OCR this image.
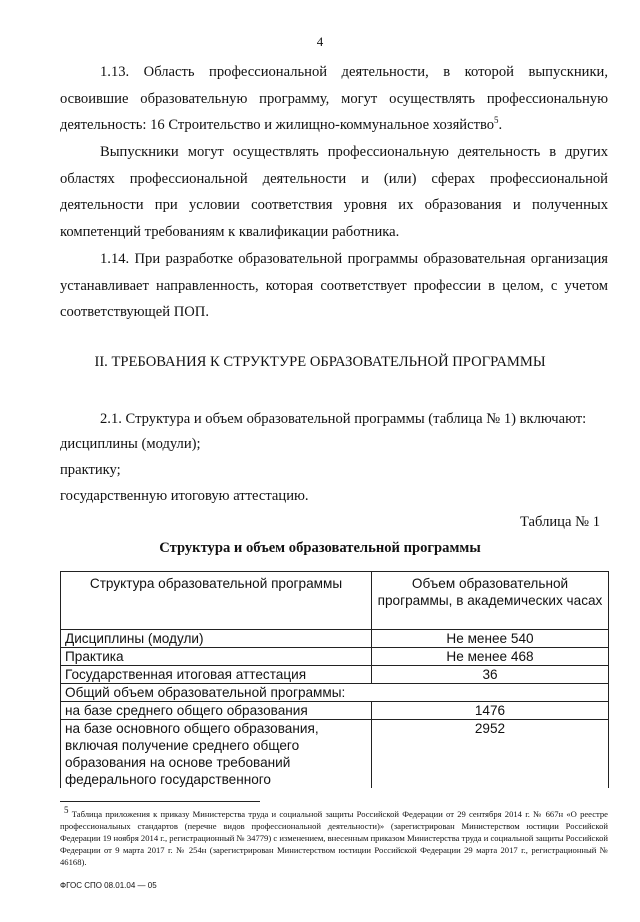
4

1.13. Область профессиональной деятельности, в которой выпускники, освоившие образовательную программу, могут осуществлять профессиональную деятельность: 16 Строительство и жилищно-коммунальное хозяйство$^5$.

Выпускники могут осуществлять профессиональную деятельность в других областях профессиональной деятельности и (или) сферах профессиональной деятельности при условии соответствия уровня их образования и полученных компетенций требованиям к квалификации работника.

1.14. При разработке образовательной программы образовательная организация устанавливает направленность, которая соответствует профессии в целом, с учетом соответствующей ПОП.

II. ТРЕБОВАНИЯ К СТРУКТУРЕ ОБРАЗОВАТЕЛЬНОЙ ПРОГРАММЫ

2.1. Структура и объем образовательной программы (таблица № 1) включают:

дисциплины (модули);

практику;

государственную итоговую аттестацию.

Таблица № 1
Структура и объем образовательной программы
Структура образовательной программы	Объем образовательной программы, в академических часах
Дисциплины (модули)	Не менее 540
Практика	Не менее 468
Государственная итоговая аттестация	36
Общий объем образовательной программы:	
на базе среднего общего образования	1476
на базе основного общего образования, включая получение среднего общего образования на основе требований федерального государственного	2952

5 Таблица приложения к приказу Министерства труда и социальной защиты Российской Федерации от 29 сентября 2014 г. № 667н «О реестре профессиональных стандартов (перечне видов профессиональной деятельности)» (зарегистрирован Министерством юстиции Российской Федерации 19 ноября 2014 г., регистрационный № 34779) с изменением, внесенным приказом Министерства труда и социальной защиты Российской Федерации от 9 марта 2017 г. № 254н (зарегистрирован Министерством юстиции Российской Федерации 29 марта 2017 г., регистрационный № 46168).

ФГОС СПО 08.01.04 — 05
